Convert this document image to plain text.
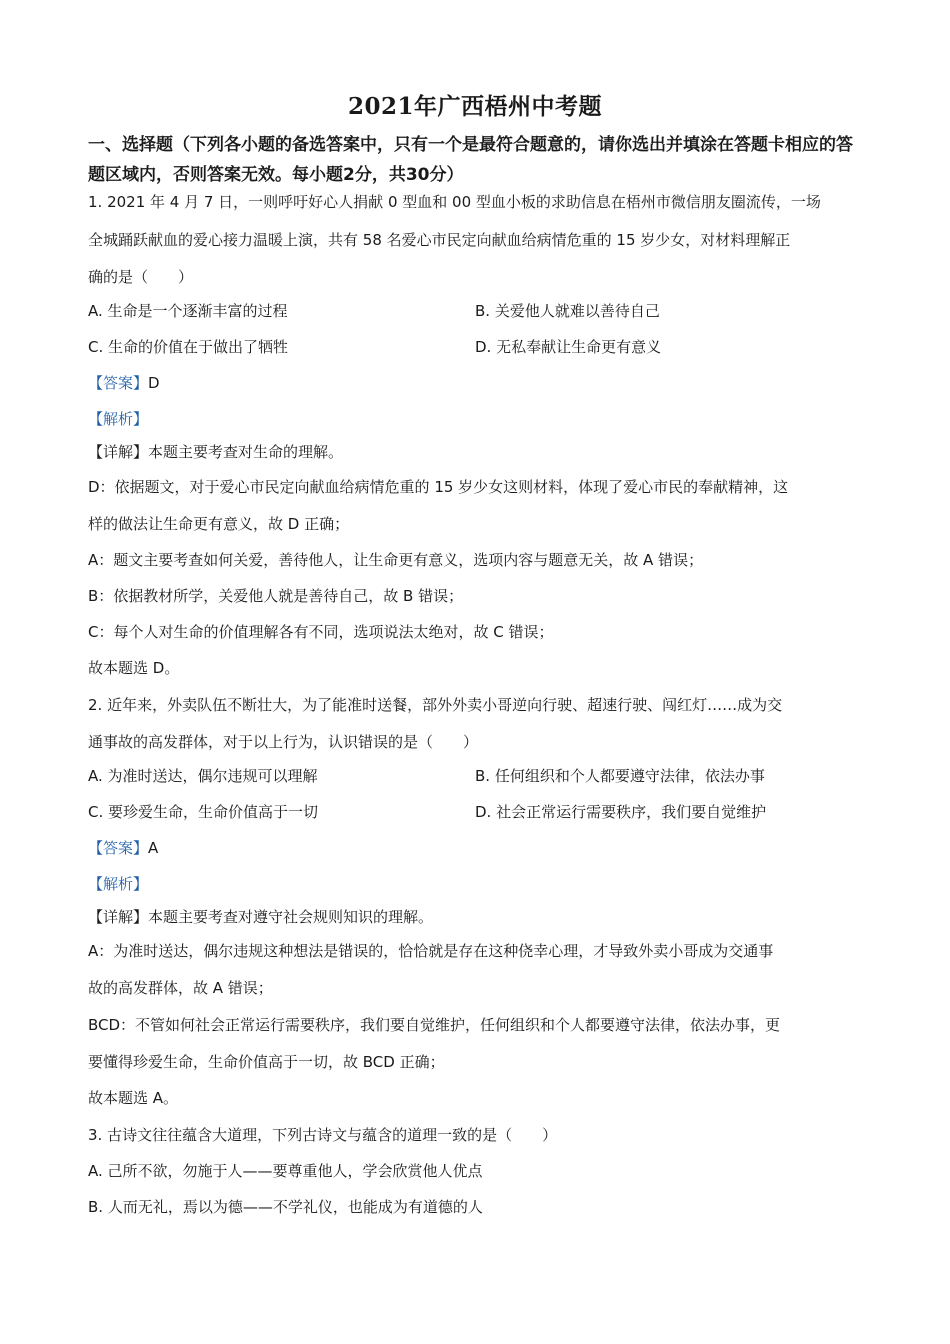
2021年广西梧州中考题
一、选择题（下列各小题的备选答案中，只有一个是最符合题意的，请你选出并填涂在答题卡相应的答题区域内，否则答案无效。每小题2分，共30分）
1. 2021 年 4 月 7 日，一则呼吁好心人捐献 0 型血和 00 型血小板的求助信息在梧州市微信朋友圈流传，一场
全城踊跃献血的爱心接力温暖上演，共有 58 名爱心市民定向献血给病情危重的 15 岁少女，对材料理解正
确的是（　　）
A. 生命是一个逐渐丰富的过程	B. 关爱他人就难以善待自己
C. 生命的价值在于做出了牺牲	D. 无私奉献让生命更有意义
【答案】D
【解析】
【详解】本题主要考查对生命的理解。
D：依据题文，对于爱心市民定向献血给病情危重的 15 岁少女这则材料，体现了爱心市民的奉献精神，这
样的做法让生命更有意义，故 D 正确；
A：题文主要考查如何关爱，善待他人，让生命更有意义，选项内容与题意无关，故 A 错误；
B：依据教材所学，关爱他人就是善待自己，故 B 错误；
C：每个人对生命的价值理解各有不同，选项说法太绝对，故 C 错误；
故本题选 D。
2. 近年来，外卖队伍不断壮大，为了能准时送餐，部外外卖小哥逆向行驶、超速行驶、闯红灯……成为交
通事故的高发群体，对于以上行为，认识错误的是（　　）
A. 为准时送达，偶尔违规可以理解	B. 任何组织和个人都要遵守法律，依法办事
C. 要珍爱生命，生命价值高于一切	D. 社会正常运行需要秩序，我们要自觉维护
【答案】A
【解析】
【详解】本题主要考查对遵守社会规则知识的理解。
A：为准时送达，偶尔违规这种想法是错误的，恰恰就是存在这种侥幸心理，才导致外卖小哥成为交通事
故的高发群体，故 A 错误；
BCD：不管如何社会正常运行需要秩序，我们要自觉维护，任何组织和个人都要遵守法律，依法办事，更
要懂得珍爱生命，生命价值高于一切，故 BCD 正确；
故本题选 A。
3. 古诗文往往蕴含大道理，下列古诗文与蕴含的道理一致的是（　　）
A. 己所不欲，勿施于人——要尊重他人，学会欣赏他人优点
B. 人而无礼，焉以为德——不学礼仪，也能成为有道德的人
